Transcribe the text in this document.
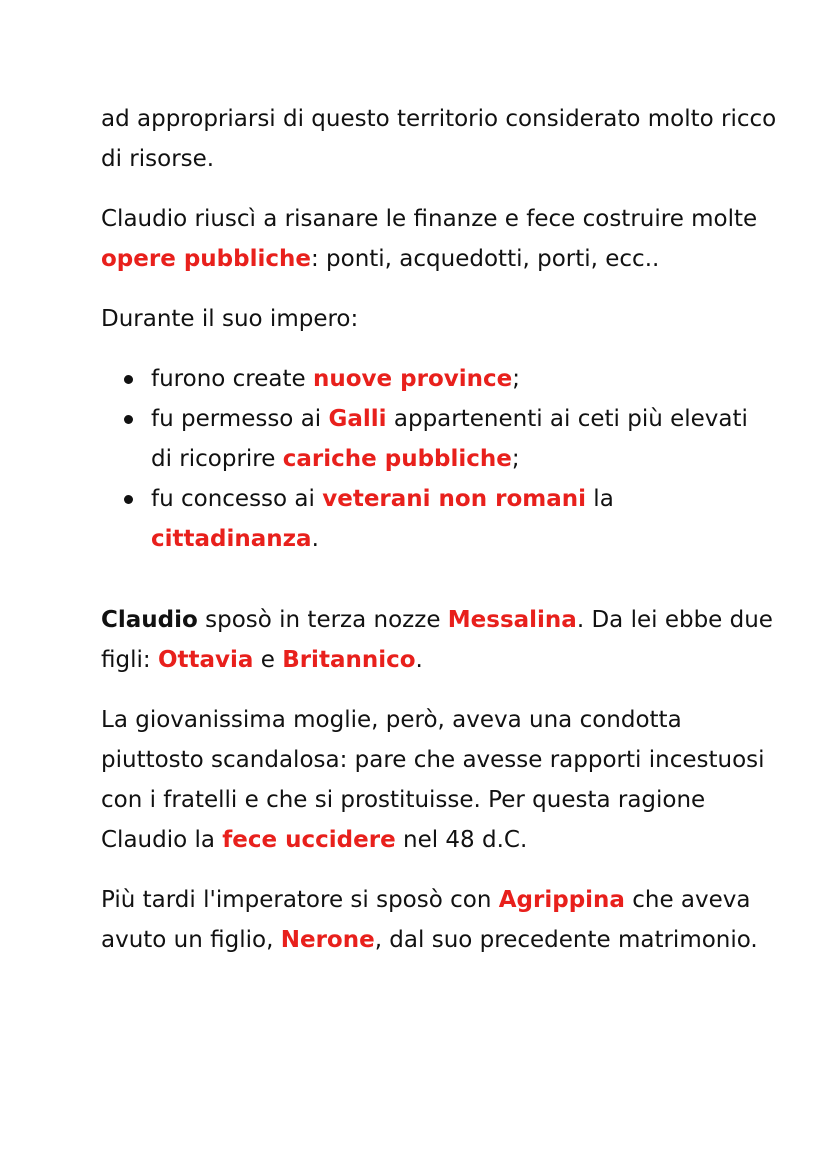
ad appropriarsi di questo territorio considerato molto ricco di risorse.

Claudio riuscì a risanare le finanze e fece costruire molte opere pubbliche: ponti, acquedotti, porti, ecc..

Durante il suo impero:

furono create nuove province;
fu permesso ai Galli appartenenti ai ceti più elevati di ricoprire cariche pubbliche;
fu concesso ai veterani non romani la cittadinanza.

Claudio sposò in terza nozze Messalina. Da lei ebbe due figli: Ottavia e Britannico.

La giovanissima moglie, però, aveva una condotta piuttosto scandalosa: pare che avesse rapporti incestuosi con i fratelli e che si prostituisse. Per questa ragione Claudio la fece uccidere nel 48 d.C.

Più tardi l'imperatore si sposò con Agrippina che aveva avuto un figlio, Nerone, dal suo precedente matrimonio.
